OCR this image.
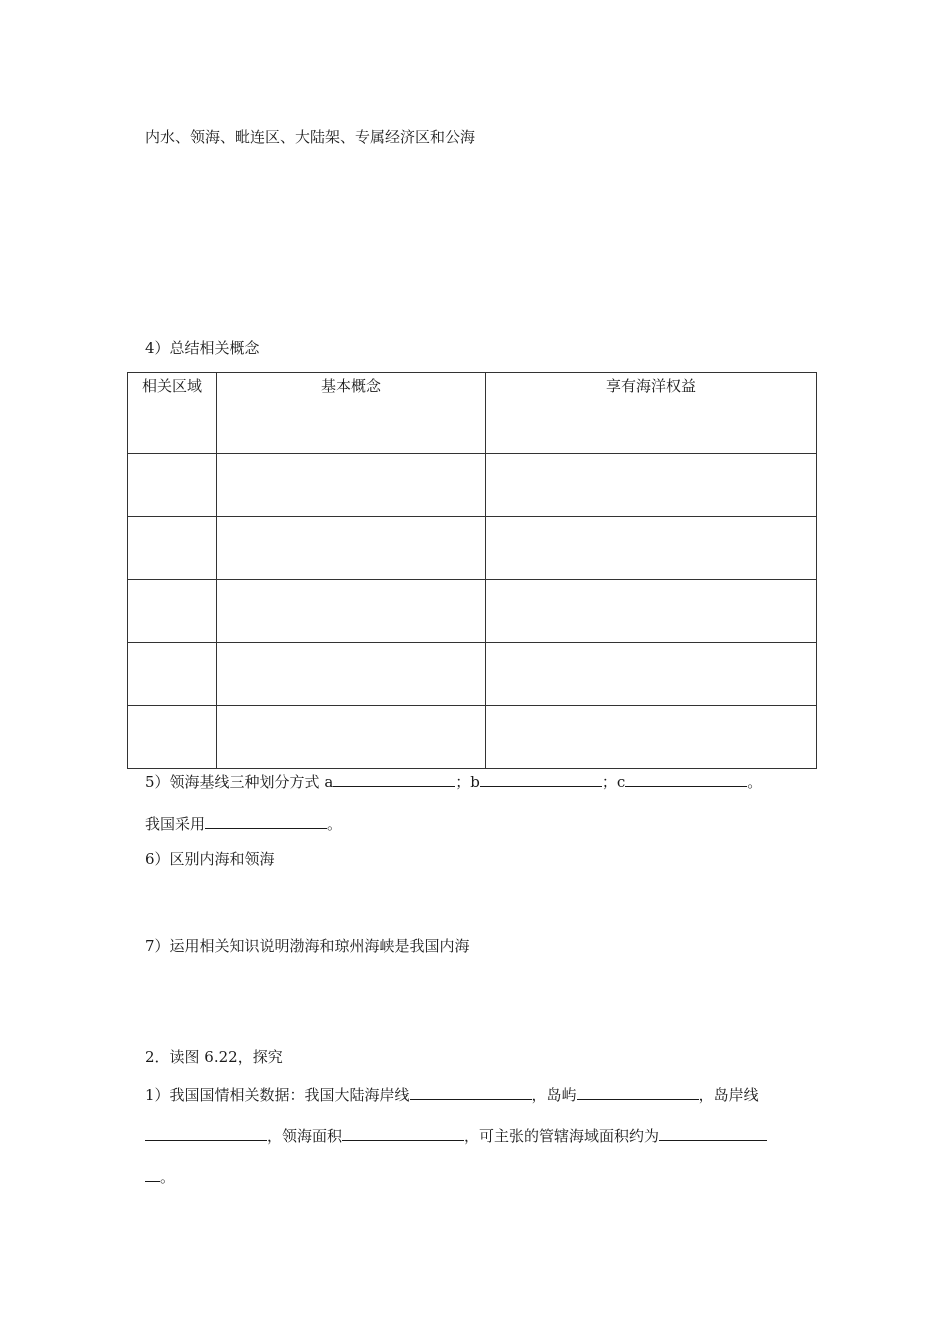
内水、领海、毗连区、大陆架、专属经济区和公海
4）总结相关概念
相关区域	基本概念	享有海洋权益

5）领海基线三种划分方式 a	；b	；c	。
我国采用	。
6）区别内海和领海
7）运用相关知识说明渤海和琼州海峡是我国内海
2．读图 6.22，探究
1）我国国情相关数据：我国大陆海岸线	，岛屿	，岛岸线
，领海面积	，可主张的管辖海域面积约为
。
